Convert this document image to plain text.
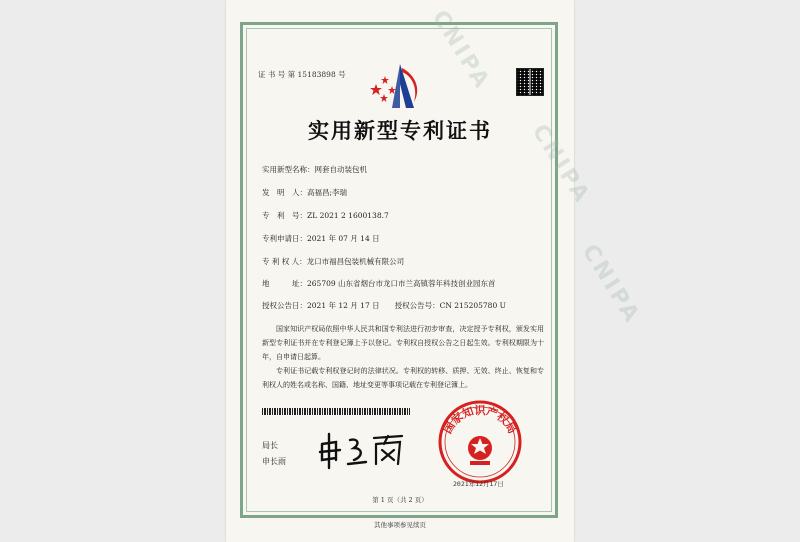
CNIPA
CNIPA
CNIPA
证 书 号 第 15183898 号
实用新型专利证书
实用新型名称：网套自动装包机
发　明　人：高福昌;李瑞
专　利　号：ZL 2021 2 1600138.7
专利申请日：2021 年 07 月 14 日
专 利 权 人：龙口市福昌包装机械有限公司
地　　　址：265709 山东省烟台市龙口市兰高镇蓉年科技创业园东首
授权公告日：2021 年 12 月 17 日　　授权公告号：CN 215205780 U
国家知识产权局依照中华人民共和国专利法进行初步审查，决定授予专利权，颁发实用新型专利证书并在专利登记簿上予以登记。专利权自授权公告之日起生效。专利权期限为十年，自申请日起算。
专利证书记载专利权登记时的法律状况。专利权的转移、质押、无效、终止、恢复和专利权人的姓名或名称、国籍、地址变更等事项记载在专利登记簿上。
局长
申长雨
国家知识产权局
2021年12月17日
第 1 页（共 2 页）
其他事项参见续页
